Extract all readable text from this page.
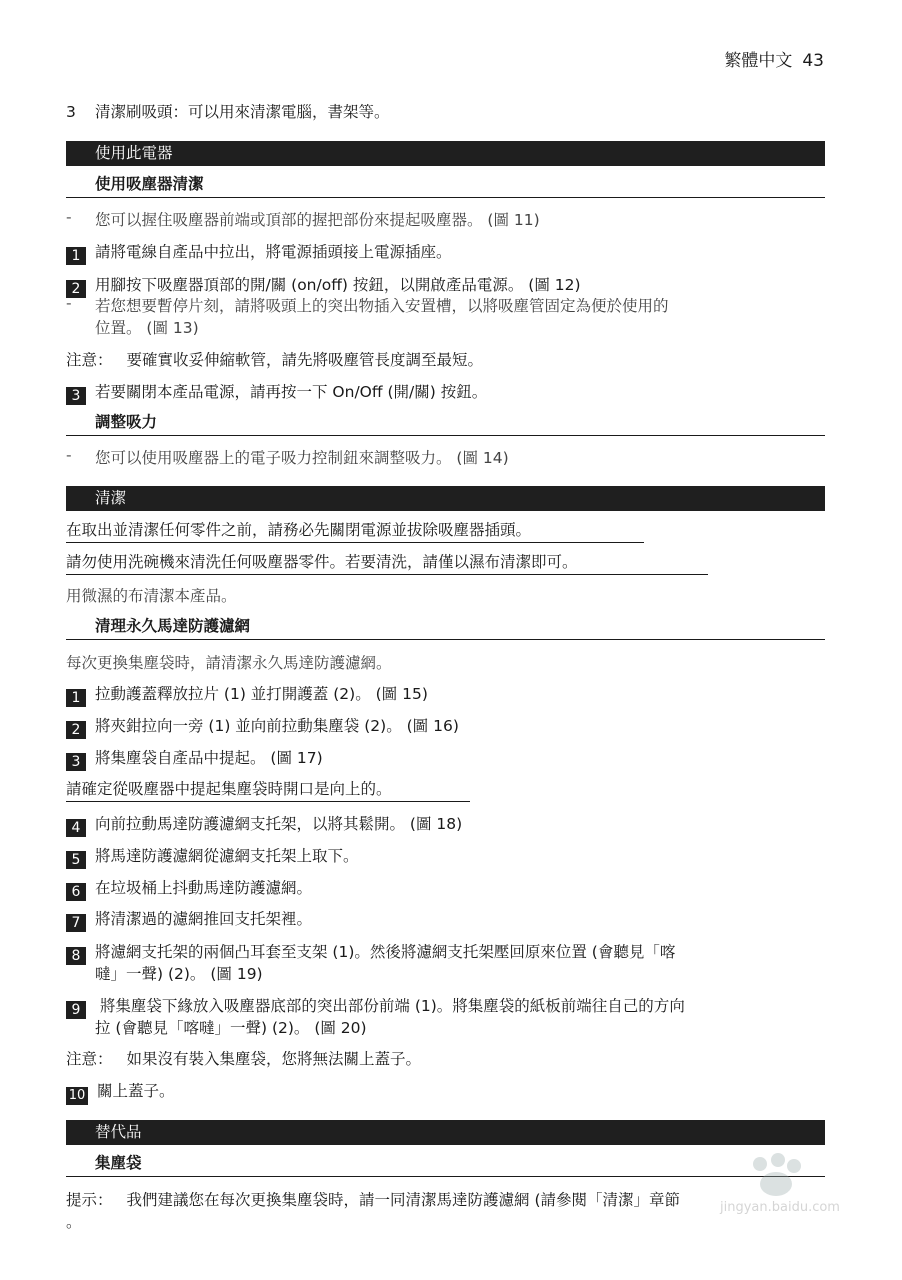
繁體中文 43
3 清潔刷吸頭：可以用來清潔電腦，書架等。
使用此電器
使用吸塵器清潔
- 您可以握住吸塵器前端或頂部的握把部份來提起吸塵器。 (圖 11)
1 請將電線自產品中拉出，將電源插頭接上電源插座。
2 用腳按下吸塵器頂部的開/關 (on/off) 按鈕，以開啟產品電源。 (圖 12)
- 若您想要暫停片刻，請將吸頭上的突出物插入安置槽，以將吸塵管固定為便於使用的
位置。 (圖 13)
注意： 要確實收妥伸縮軟管，請先將吸塵管長度調至最短。
3 若要關閉本產品電源，請再按一下 On/Off (開/關) 按鈕。
調整吸力
- 您可以使用吸塵器上的電子吸力控制鈕來調整吸力。 (圖 14)
清潔
在取出並清潔任何零件之前，請務必先關閉電源並拔除吸塵器插頭。
請勿使用洗碗機來清洗任何吸塵器零件。若要清洗，請僅以濕布清潔即可。
用微濕的布清潔本產品。
清理永久馬達防護濾網
每次更換集塵袋時，請清潔永久馬達防護濾網。
1 拉動護蓋釋放拉片 (1) 並打開護蓋 (2)。 (圖 15)
2 將夾鉗拉向一旁 (1) 並向前拉動集塵袋 (2)。 (圖 16)
3 將集塵袋自產品中提起。 (圖 17)
請確定從吸塵器中提起集塵袋時開口是向上的。
4 向前拉動馬達防護濾網支托架，以將其鬆開。 (圖 18)
5 將馬達防護濾網從濾網支托架上取下。
6 在垃圾桶上抖動馬達防護濾網。
7 將清潔過的濾網推回支托架裡。
8 將濾網支托架的兩個凸耳套至支架 (1)。然後將濾網支托架壓回原來位置 (會聽見「喀
噠」一聲) (2)。 (圖 19)
9 將集塵袋下緣放入吸塵器底部的突出部份前端 (1)。將集塵袋的紙板前端往自己的方向
拉 (會聽見「喀噠」一聲) (2)。 (圖 20)
注意： 如果沒有裝入集塵袋，您將無法關上蓋子。
10 關上蓋子。
替代品
集塵袋
提示： 我們建議您在每次更換集塵袋時，請一同清潔馬達防護濾網 (請參閱「清潔」章節
。
jingyan.baidu.com
